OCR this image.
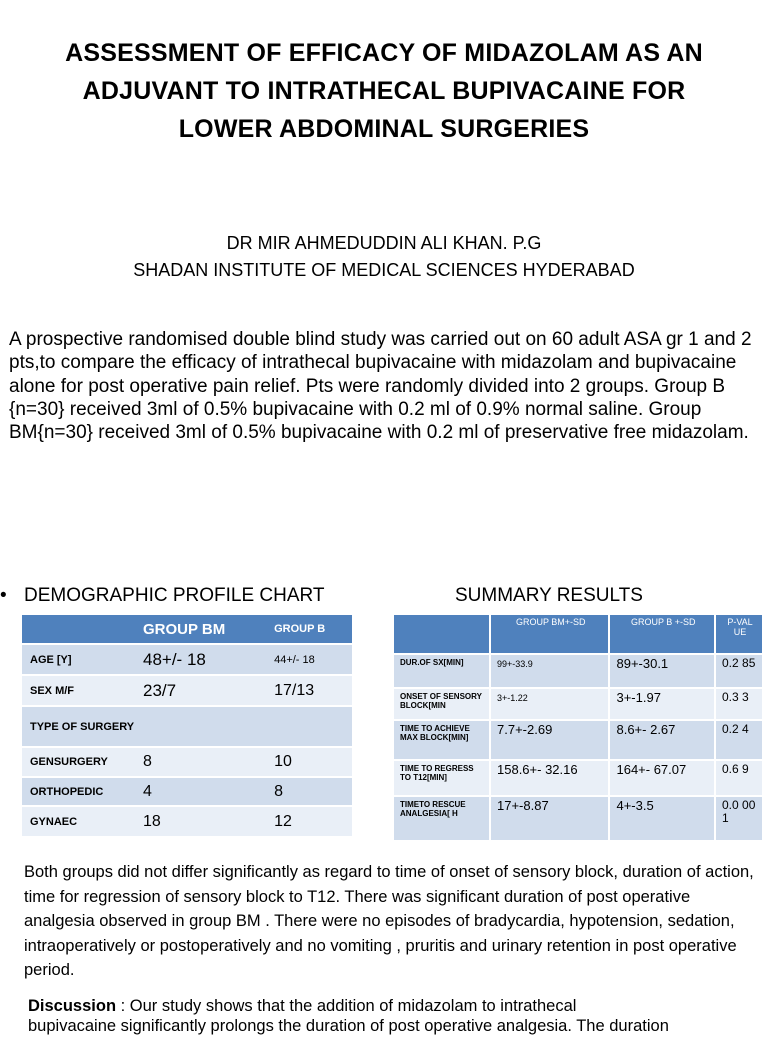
ASSESSMENT OF EFFICACY OF MIDAZOLAM AS AN ADJUVANT TO INTRATHECAL BUPIVACAINE FOR LOWER ABDOMINAL SURGERIES
DR MIR AHMEDUDDIN ALI KHAN. P.G
SHADAN INSTITUTE OF MEDICAL SCIENCES HYDERABAD
A prospective randomised double blind study was carried out on 60 adult ASA gr 1 and 2 pts,to compare the efficacy of intrathecal bupivacaine with midazolam and bupivacaine alone for post operative pain relief. Pts were randomly divided into 2 groups. Group B {n=30} received 3ml of 0.5% bupivacaine with 0.2 ml of 0.9% normal saline. Group BM{n=30} received 3ml of 0.5% bupivacaine with 0.2 ml of preservative free midazolam.
• DEMOGRAPHIC PROFILE CHART	SUMMARY RESULTS
	GROUP BM	GROUP B
AGE [Y]	48+/- 18	44+/- 18
SEX M/F	23/7	17/13
TYPE OF SURGERY		
GENSURGERY	8	10
ORTHOPEDIC	4	8
GYNAEC	18	12
	GROUP BM+-SD	GROUP B +-SD	P-VAL UE
DUR.OF SX[MIN]	99+-33.9	89+-30.1	0.2 85
ONSET OF SENSORY BLOCK[MIN	3+-1.22	3+-1.97	0.3 3
TIME TO ACHIEVE MAX BLOCK[MIN]	7.7+-2.69	8.6+- 2.67	0.2 4
TIME TO REGRESS TO T12[MIN]	158.6+- 32.16	164+- 67.07	0.6 9
TIMETO RESCUE ANALGESIA[ H	17+-8.87	4+-3.5	0.0 00 1
Both groups did not differ significantly as regard to time of onset of sensory block, duration of action, time for regression of sensory block to T12. There was significant duration of post operative analgesia observed in group BM . There were no episodes of bradycardia, hypotension, sedation, intraoperatively or postoperatively and no vomiting , pruritis and urinary retention in post operative period.
Discussion : Our study shows that the addition of midazolam to intrathecal
bupivacaine significantly prolongs the duration of post operative analgesia. The duration
